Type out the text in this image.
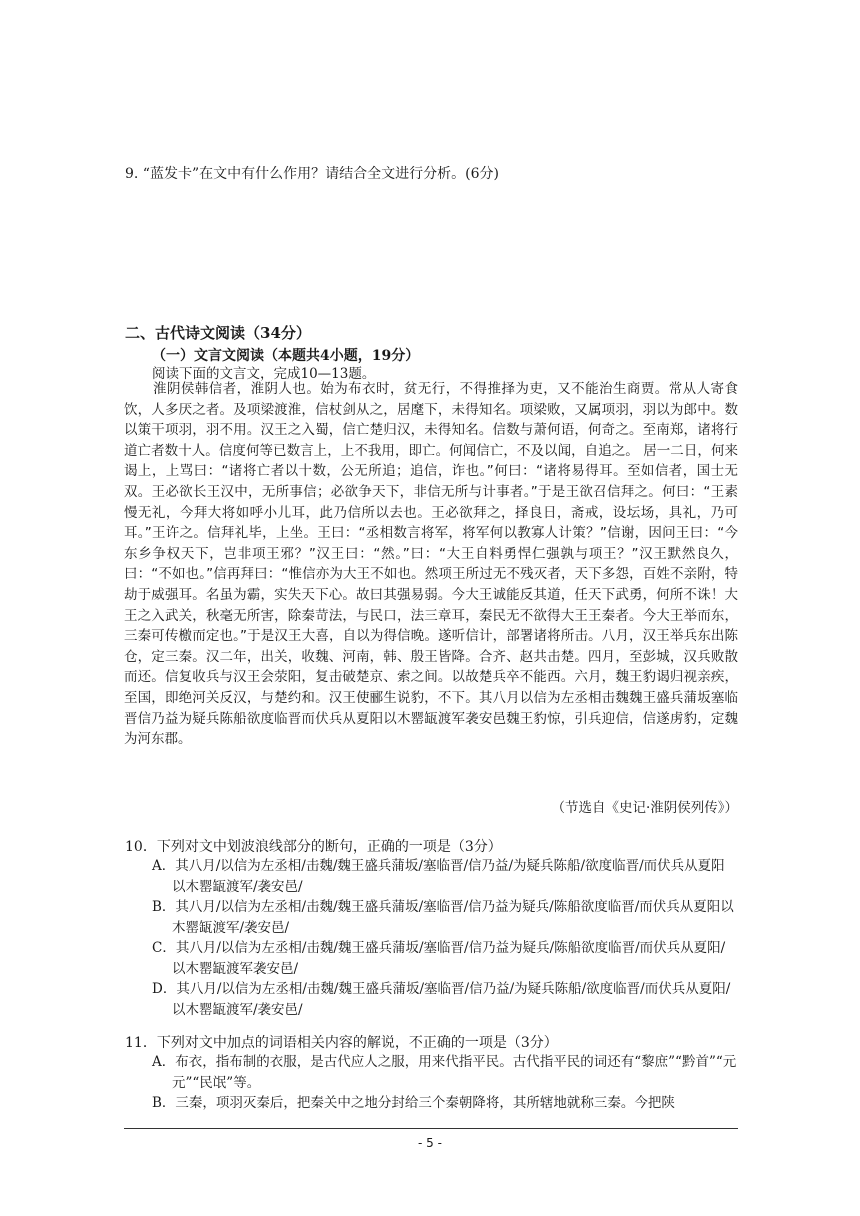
9. “蓝发卡”在文中有什么作用？请结合全文进行分析。(6分)
二、古代诗文阅读（34分）
（一）文言文阅读（本题共4小题，19分）
阅读下面的文言文，完成10—13题。

淮阴侯韩信者，淮阴人也。始为布衣时，贫无行，不得推择为吏，又不能治生商贾。常从人寄食饮，人多厌之者。及项梁渡淮，信杖剑从之，居麾下，未得知名。项梁败，又属项羽，羽以为郎中。数以策干项羽，羽不用。汉王之入蜀，信亡楚归汉，未得知名。信数与萧何语，何奇之。至南郑，诸将行道亡者数十人。信度何等已数言上，上不我用，即亡。何闻信亡，不及以闻，自追之。 居一二日，何来谒上，上骂曰：“诸将亡者以十数，公无所追；追信，诈也。”何曰：“诸将易得耳。至如信者，国士无双。王必欲长王汉中，无所事信；必欲争天下，非信无所与计事者。”于是王欲召信拜之。何曰：“王素慢无礼，今拜大将如呼小儿耳，此乃信所以去也。王必欲拜之，择良日，斋戒，设坛场，具礼，乃可耳。”王许之。信拜礼毕，上坐。王曰：“丞相数言将军，将军何以教寡人计策？”信谢，因问王曰：“今东乡争权天下，岂非项王邪？”汉王曰：“然。”曰：“大王自料勇悍仁强孰与项王？”汉王默然良久，曰：“不如也。”信再拜曰：“惟信亦为大王不如也。然项王所过无不残灭者，天下多怨，百姓不亲附，特劫于威强耳。名虽为霸，实失天下心。故曰其强易弱。今大王诚能反其道，任天下武勇，何所不诛！大王之入武关，秋毫无所害，除秦苛法，与民口，法三章耳，秦民无不欲得大王王秦者。今大王举而东，三秦可传檄而定也。”于是汉王大喜，自以为得信晚。遂听信计，部署诸将所击。八月，汉王举兵东出陈仓，定三秦。汉二年，出关，收魏、河南，韩、殷王皆降。合齐、赵共击楚。四月，至彭城，汉兵败散而还。信复收兵与汉王会荥阳，复击破楚京、索之间。以故楚兵卒不能西。六月，魏王豹谒归视亲疾，至国，即绝河关反汉，与楚约和。汉王使郦生说豹，不下。其八月以信为左丞相击魏魏王盛兵蒲坂塞临晋信乃益为疑兵陈船欲度临晋而伏兵从夏阳以木罂缻渡军袭安邑魏王豹惊，引兵迎信，信遂虏豹，定魏为河东郡。

（节选自《史记·淮阴侯列传》）
10．下列对文中划波浪线部分的断句，正确的一项是（3分）

A．其八月/以信为左丞相/击魏/魏王盛兵蒲坂/塞临晋/信乃益/为疑兵陈船/欲度临晋/而伏兵从夏阳以木罂缻渡军/袭安邑/

B．其八月/以信为左丞相/击魏/魏王盛兵蒲坂/塞临晋/信乃益为疑兵/陈船欲度临晋/而伏兵从夏阳以木罂缻渡军/袭安邑/

C．其八月/以信为左丞相/击魏/魏王盛兵蒲坂/塞临晋/信乃益为疑兵/陈船欲度临晋/而伏兵从夏阳/以木罂缻渡军袭安邑/

D．其八月/以信为左丞相/击魏/魏王盛兵蒲坂/塞临晋/信乃益/为疑兵陈船/欲度临晋/而伏兵从夏阳/以木罂缻渡军/袭安邑/

11．下列对文中加点的词语相关内容的解说，不正确的一项是（3分）

A．布衣，指布制的衣服，是古代应人之服，用来代指平民。古代指平民的词还有“黎庶”“黔首”“元元”“民氓”等。

B．三秦，项羽灭秦后，把秦关中之地分封给三个秦朝降将，其所辖地就称三秦。今把陕

- 5 -
